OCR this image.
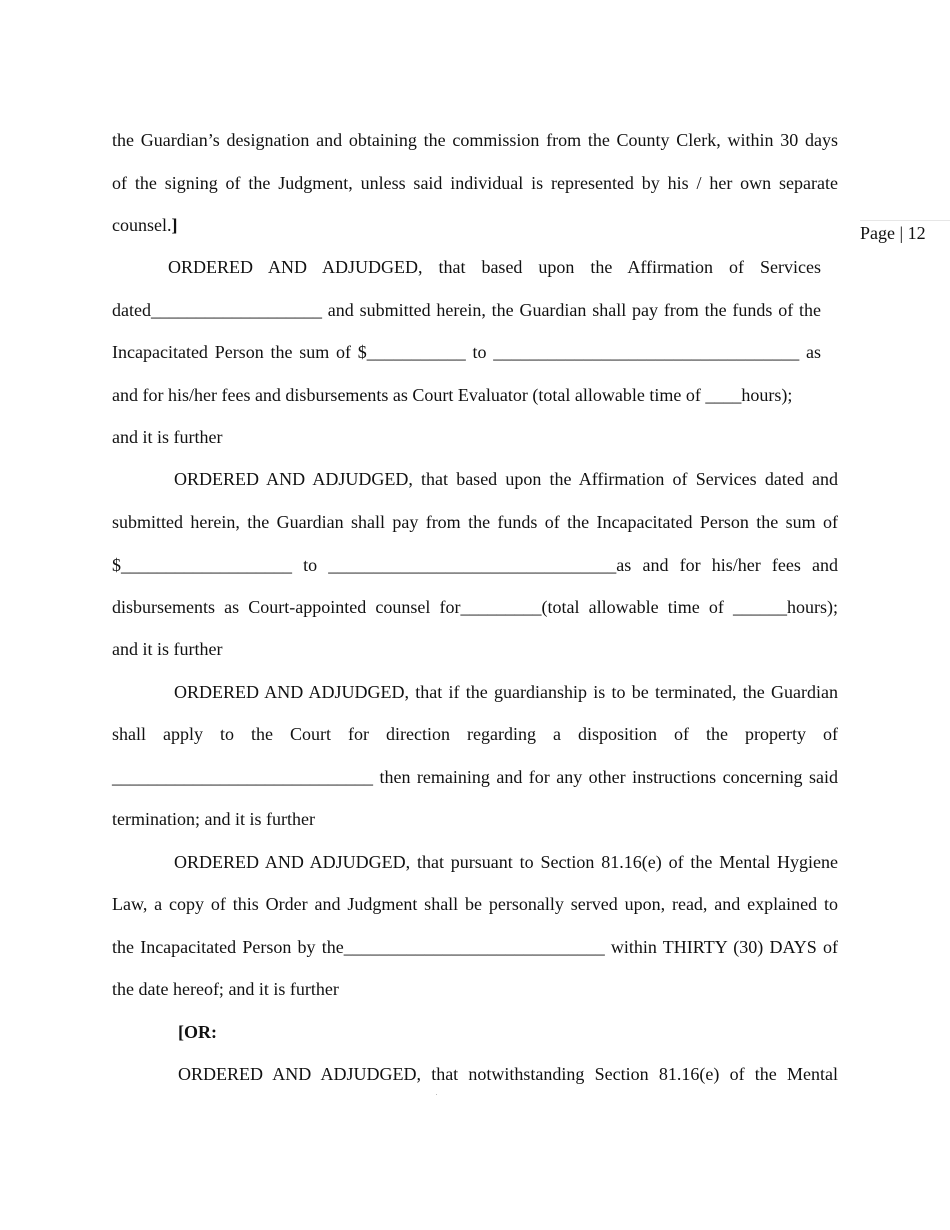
Page | 12
the Guardian’s designation and obtaining the commission from the County Clerk, within 30 days
of the signing of the Judgment, unless said individual is represented by his / her own separate
counsel.]
ORDERED AND ADJUDGED, that based upon the Affirmation of Services
dated___________________ and submitted herein, the Guardian shall pay from the funds of the
Incapacitated Person the sum of $___________ to __________________________________ as
and for his/her fees and disbursements as Court Evaluator (total allowable time of ____hours);
and it is further
ORDERED AND ADJUDGED, that based upon the Affirmation of Services dated and
submitted herein, the Guardian shall pay from the funds of the Incapacitated Person the sum of
$___________________ to ________________________________as and for his/her fees and
disbursements as Court-appointed counsel for_________(total allowable time of ______hours);
and it is further
ORDERED AND ADJUDGED, that if the guardianship is to be terminated, the Guardian
shall apply to the Court for direction regarding a disposition of the property of
_____________________________ then remaining and for any other instructions concerning said
termination; and it is further
ORDERED AND ADJUDGED, that pursuant to Section 81.16(e) of the Mental Hygiene
Law, a copy of this Order and Judgment shall be personally served upon, read, and explained to
the Incapacitated Person by the_____________________________ within THIRTY (30) DAYS of
the date hereof; and it is further
[OR:
ORDERED AND ADJUDGED, that notwithstanding Section 81.16(e) of the Mental
